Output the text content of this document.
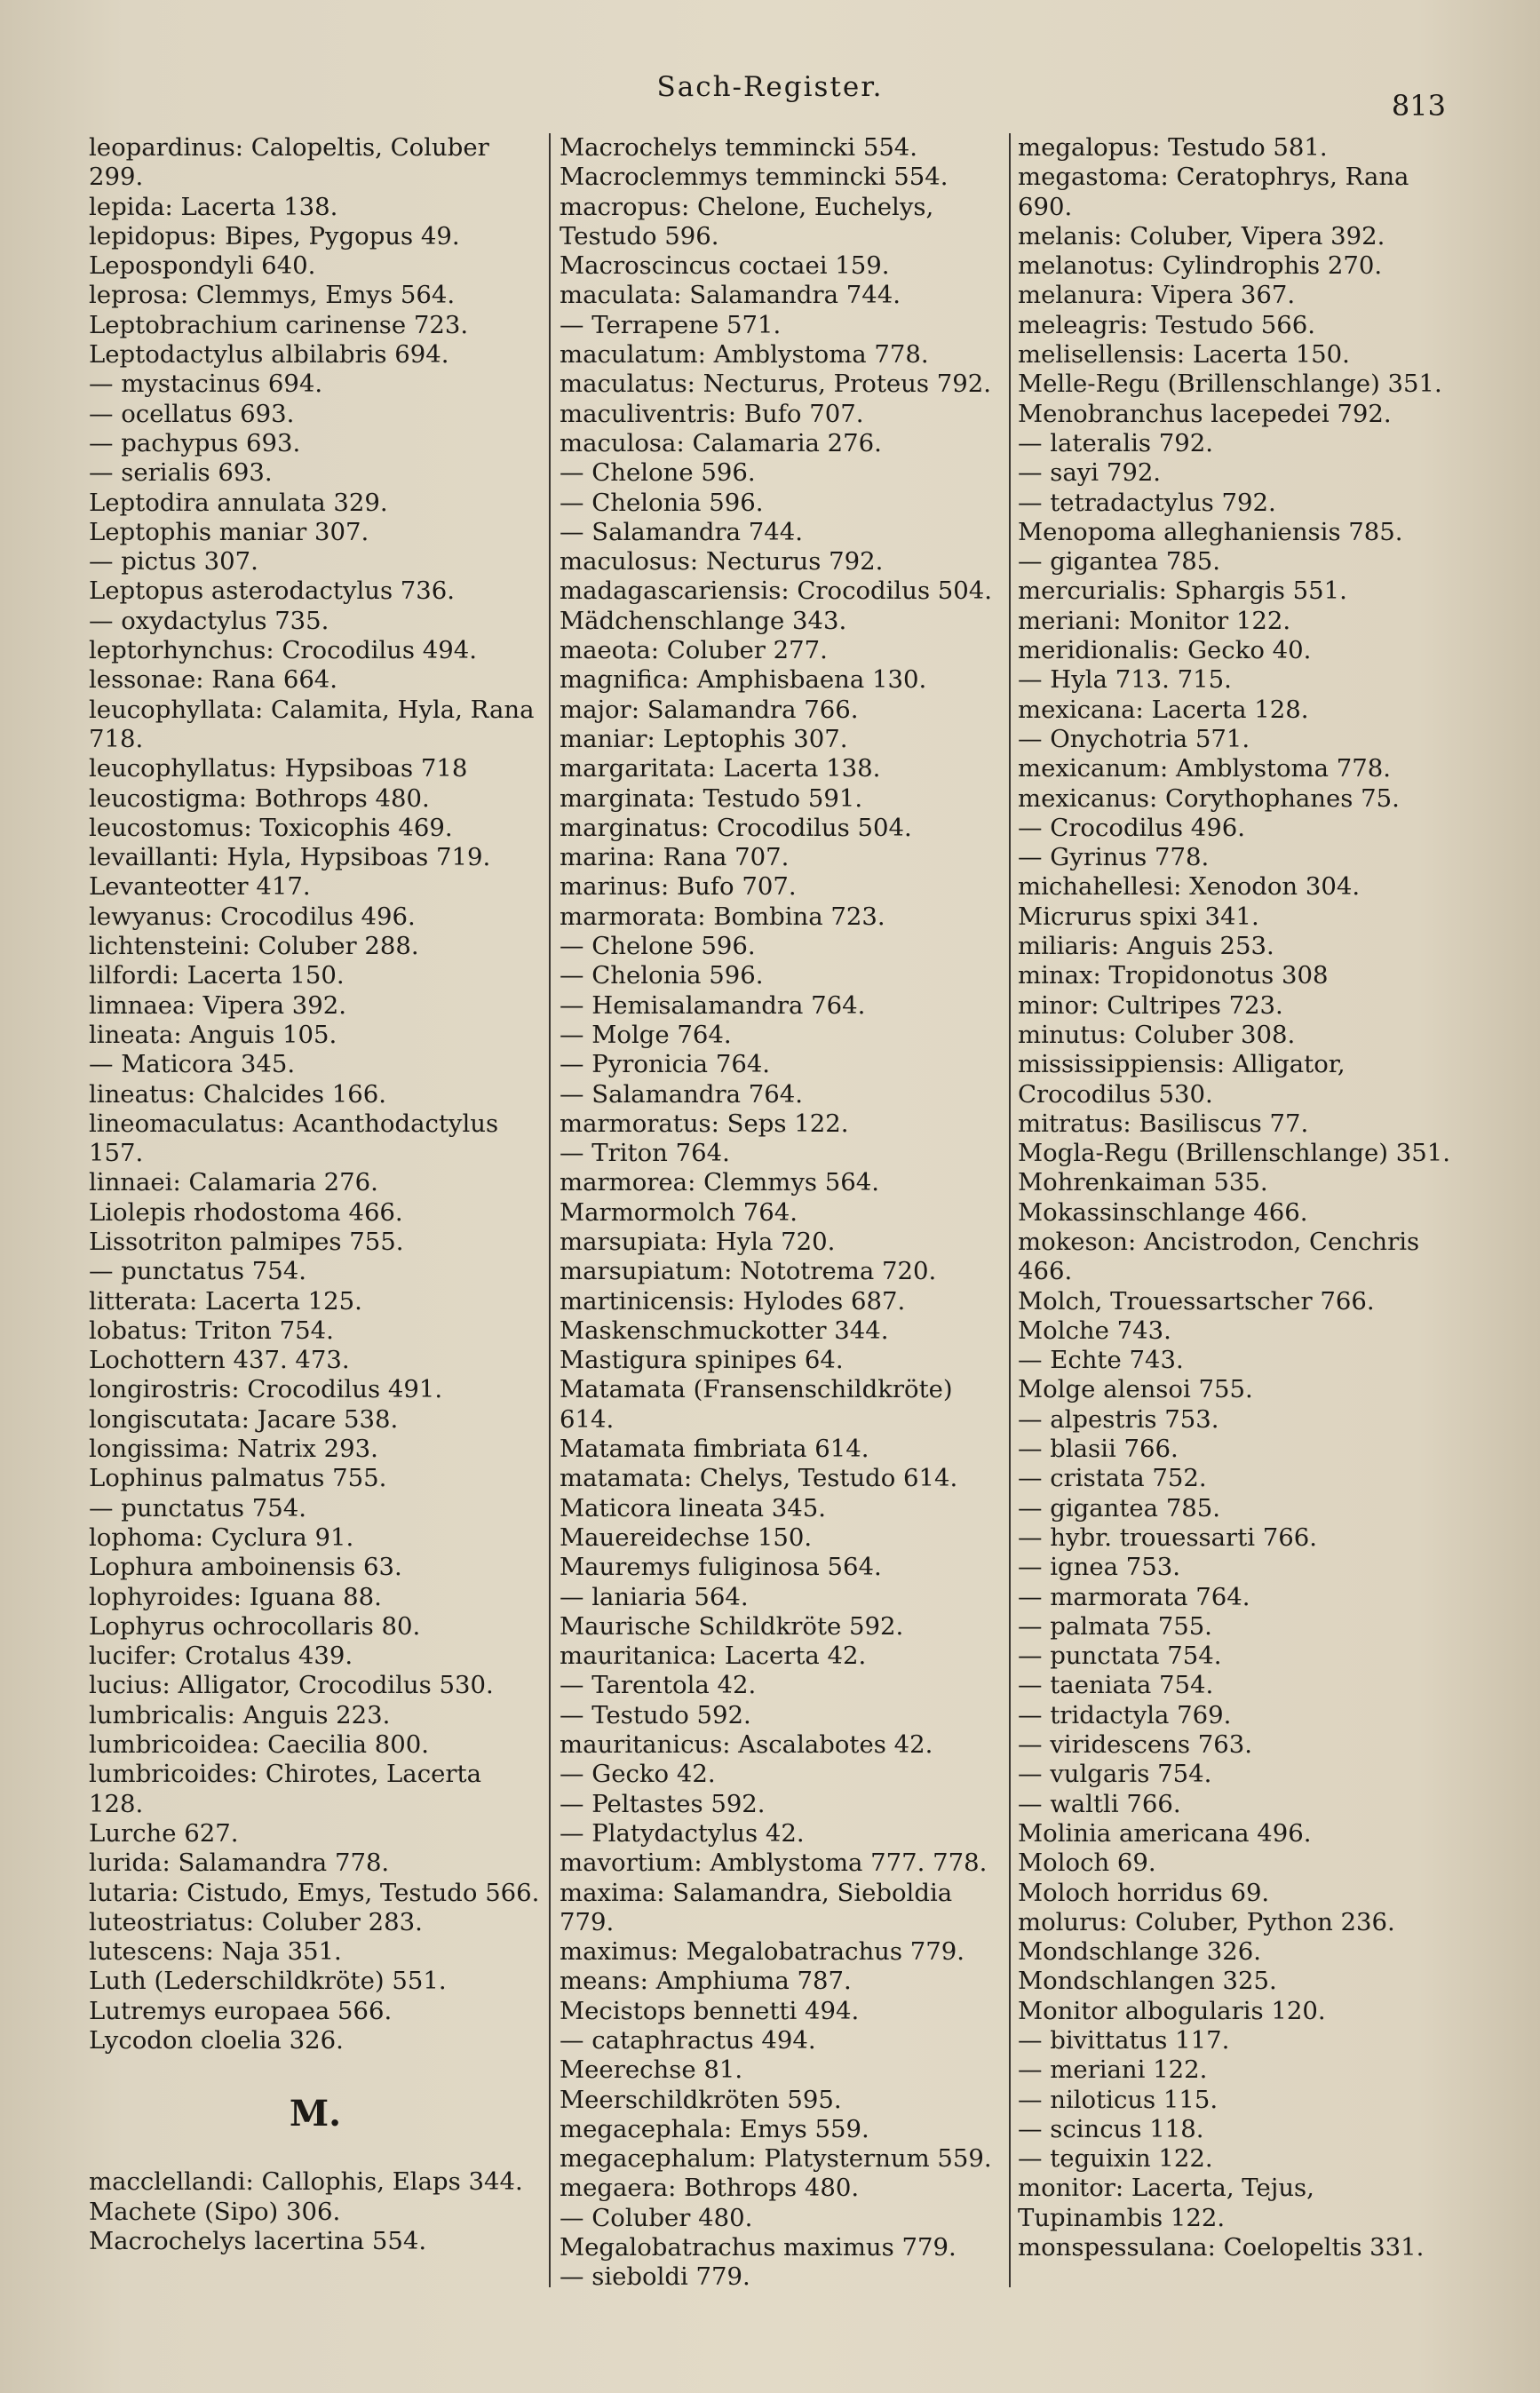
Sach-Register.
813

leopardinus: Calopeltis, Coluber 299.

lepida: Lacerta 138.

lepidopus: Bipes, Pygopus 49.

Lepospondyli 640.

leprosa: Clemmys, Emys 564.

Leptobrachium carinense 723.

Leptodactylus albilabris 694.

— mystacinus 694.

— ocellatus 693.

— pachypus 693.

— serialis 693.

Leptodira annulata 329.

Leptophis maniar 307.

— pictus 307.

Leptopus asterodactylus 736.

— oxydactylus 735.

leptorhynchus: Crocodilus 494.

lessonae: Rana 664.

leucophyllata: Calamita, Hyla, Rana 718.

leucophyllatus: Hypsiboas 718

leucostigma: Bothrops 480.

leucostomus: Toxicophis 469.

levaillanti: Hyla, Hypsiboas 719.

Levanteotter 417.

lewyanus: Crocodilus 496.

lichtensteini: Coluber 288.

lilfordi: Lacerta 150.

limnaea: Vipera 392.

lineata: Anguis 105.

— Maticora 345.

lineatus: Chalcides 166.

lineomaculatus: Acanthodactylus 157.

linnaei: Calamaria 276.

Liolepis rhodostoma 466.

Lissotriton palmipes 755.

— punctatus 754.

litterata: Lacerta 125.

lobatus: Triton 754.

Lochottern 437. 473.

longirostris: Crocodilus 491.

longiscutata: Jacare 538.

longissima: Natrix 293.

Lophinus palmatus 755.

— punctatus 754.

lophoma: Cyclura 91.

Lophura amboinensis 63.

lophyroides: Iguana 88.

Lophyrus ochrocollaris 80.

lucifer: Crotalus 439.

lucius: Alligator, Crocodilus 530.

lumbricalis: Anguis 223.

lumbricoidea: Caecilia 800.

lumbricoides: Chirotes, Lacerta 128.

Lurche 627.

lurida: Salamandra 778.

lutaria: Cistudo, Emys, Testudo 566.

luteostriatus: Coluber 283.

lutescens: Naja 351.

Luth (Lederschildkröte) 551.

Lutremys europaea 566.

Lycodon cloelia 326.

M.

macclellandi: Callophis, Elaps 344.

Machete (Sipo) 306.

Macrochelys lacertina 554.

Macrochelys temmincki 554.

Macroclemmys temmincki 554.

macropus: Chelone, Euchelys, Testudo 596.

Macroscincus coctaei 159.

maculata: Salamandra 744.

— Terrapene 571.

maculatum: Amblystoma 778.

maculatus: Necturus, Proteus 792.

maculiventris: Bufo 707.

maculosa: Calamaria 276.

— Chelone 596.

— Chelonia 596.

— Salamandra 744.

maculosus: Necturus 792.

madagascariensis: Crocodilus 504.

Mädchenschlange 343.

maeota: Coluber 277.

magnifica: Amphisbaena 130.

major: Salamandra 766.

maniar: Leptophis 307.

margaritata: Lacerta 138.

marginata: Testudo 591.

marginatus: Crocodilus 504.

marina: Rana 707.

marinus: Bufo 707.

marmorata: Bombina 723.

— Chelone 596.

— Chelonia 596.

— Hemisalamandra 764.

— Molge 764.

— Pyronicia 764.

— Salamandra 764.

marmoratus: Seps 122.

— Triton 764.

marmorea: Clemmys 564.

Marmormolch 764.

marsupiata: Hyla 720.

marsupiatum: Nototrema 720.

martinicensis: Hylodes 687.

Maskenschmuckotter 344.

Mastigura spinipes 64.

Matamata (Fransenschildkröte) 614.

Matamata fimbriata 614.

matamata: Chelys, Testudo 614.

Maticora lineata 345.

Mauereidechse 150.

Mauremys fuliginosa 564.

— laniaria 564.

Maurische Schildkröte 592.

mauritanica: Lacerta 42.

— Tarentola 42.

— Testudo 592.

mauritanicus: Ascalabotes 42.

— Gecko 42.

— Peltastes 592.

— Platydactylus 42.

mavortium: Amblystoma 777. 778.

maxima: Salamandra, Sieboldia 779.

maximus: Megalobatrachus 779.

means: Amphiuma 787.

Mecistops bennetti 494.

— cataphractus 494.

Meerechse 81.

Meerschildkröten 595.

megacephala: Emys 559.

megacephalum: Platysternum 559.

megaera: Bothrops 480.

— Coluber 480.

Megalobatrachus maximus 779.

— sieboldi 779.

megalopus: Testudo 581.

megastoma: Ceratophrys, Rana 690.

melanis: Coluber, Vipera 392.

melanotus: Cylindrophis 270.

melanura: Vipera 367.

meleagris: Testudo 566.

melisellensis: Lacerta 150.

Melle-Regu (Brillenschlange) 351.

Menobranchus lacepedei 792.

— lateralis 792.

— sayi 792.

— tetradactylus 792.

Menopoma alleghaniensis 785.

— gigantea 785.

mercurialis: Sphargis 551.

meriani: Monitor 122.

meridionalis: Gecko 40.

— Hyla 713. 715.

mexicana: Lacerta 128.

— Onychotria 571.

mexicanum: Amblystoma 778.

mexicanus: Corythophanes 75.

— Crocodilus 496.

— Gyrinus 778.

michahellesi: Xenodon 304.

Micrurus spixi 341.

miliaris: Anguis 253.

minax: Tropidonotus 308

minor: Cultripes 723.

minutus: Coluber 308.

mississippiensis: Alligator, Crocodilus 530.

mitratus: Basiliscus 77.

Mogla-Regu (Brillenschlange) 351.

Mohrenkaiman 535.

Mokassinschlange 466.

mokeson: Ancistrodon, Cenchris 466.

Molch, Trouessartscher 766.

Molche 743.

— Echte 743.

Molge alensoi 755.

— alpestris 753.

— blasii 766.

— cristata 752.

— gigantea 785.

— hybr. trouessarti 766.

— ignea 753.

— marmorata 764.

— palmata 755.

— punctata 754.

— taeniata 754.

— tridactyla 769.

— viridescens 763.

— vulgaris 754.

— waltli 766.

Molinia americana 496.

Moloch 69.

Moloch horridus 69.

molurus: Coluber, Python 236.

Mondschlange 326.

Mondschlangen 325.

Monitor albogularis 120.

— bivittatus 117.

— meriani 122.

— niloticus 115.

— scincus 118.

— teguixin 122.

monitor: Lacerta, Tejus, Tupinambis 122.

monspessulana: Coelopeltis 331.
